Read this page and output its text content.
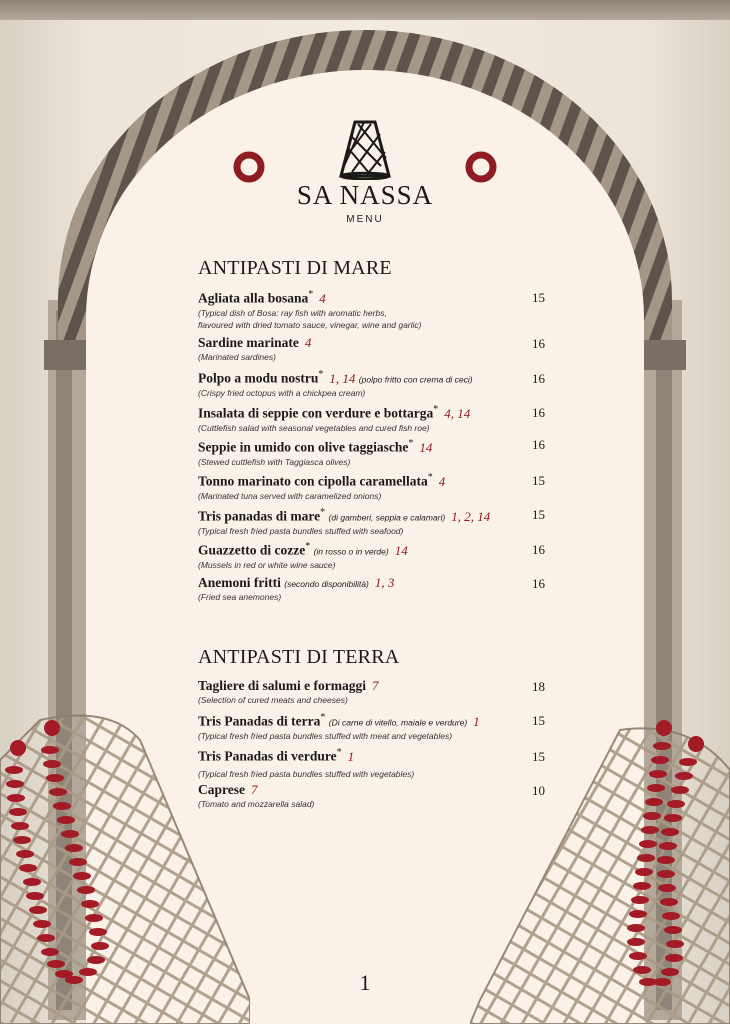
SA NASSA
MENU
ANTIPASTI DI MARE
Agliata alla bosana* 4
(Typical dish of Bosa: ray fish with aromatic herbs,
flavoured with dried tomato sauce, vinegar, wine and garlic)
15
Sardine marinate 4
(Marinated sardines)
16
Polpo a modu nostru* 1, 14 (polpo fritto con crema di ceci)
(Crispy fried octopus with a chickpea cream)
16
Insalata di seppie con verdure e bottarga* 4, 14
(Cuttlefish salad with seasonal vegetables and cured fish roe)
16
Seppie in umido con olive taggiasche* 14
(Stewed cuttlefish with Taggiasca olives)
16
Tonno marinato con cipolla caramellata* 4
(Marinated tuna served with caramelized onions)
15
Tris panadas di mare* (di gamberi, seppia e calamari) 1, 2, 14
(Typical fresh fried pasta bundles stuffed with seafood)
15
Guazzetto di cozze* (in rosso o in verde) 14
(Mussels in red or white wine sauce)
16
Anemoni fritti (secondo disponibilità) 1, 3
(Fried sea anemones)
16
ANTIPASTI DI TERRA
Tagliere di salumi e formaggi 7
(Selection of cured meats and cheeses)
18
Tris Panadas di terra* (Di carne di vitello, maiale e verdure) 1
(Typical fresh fried pasta bundles stuffed with meat and vegetables)
15
Tris Panadas di verdure* 1
(Typical fresh fried pasta bundles stuffed with vegetables)
15
Caprese 7
(Tomato and mozzarella salad)
10
1
